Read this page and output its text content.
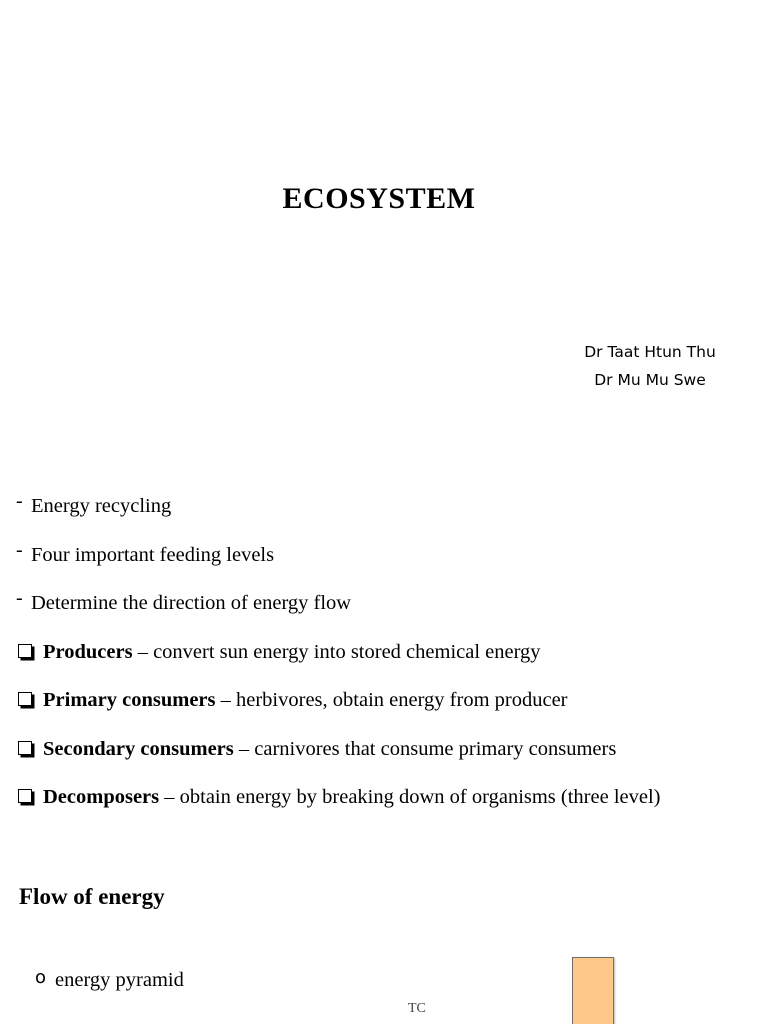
ECOSYSTEM
Dr Taat Htun Thu
Dr Mu Mu Swe
- Energy recycling
- Four important feeding levels
- Determine the direction of energy flow
Producers – convert sun energy into stored chemical energy
Primary consumers – herbivores, obtain energy from producer
Secondary consumers – carnivores that consume primary consumers
Decomposers – obtain energy by breaking down of organisms (three level)
Flow of energy
o energy pyramid
TC
